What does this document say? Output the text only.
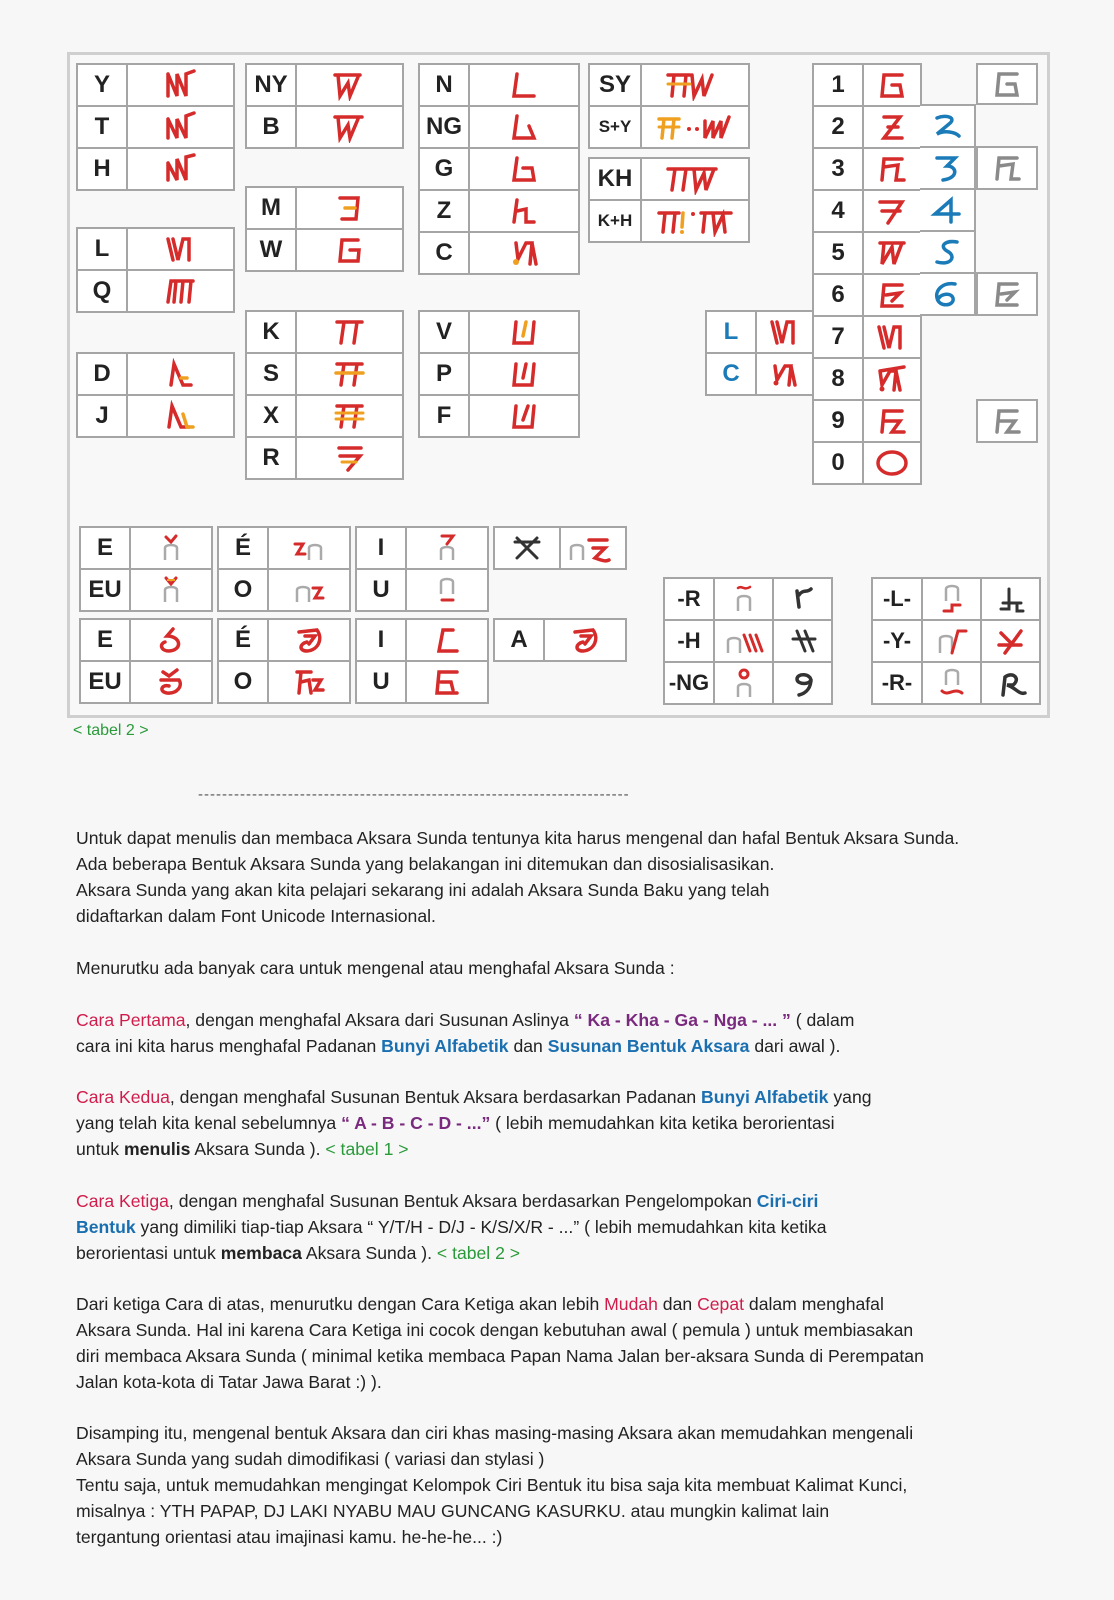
Y
T
H
L
Q
D
J
NY
B
M
W
K
S
X
R
N
NG
G
Z
C
V
P
F
SY
S+Y
KH
K+H
L
C
1
2
3
4
5
6
7
8
9
0
E
EU
É
O
I
U
E
EU
É
O
I
U
A
-R
-H
-NG
-L-
-Y-
-R-
< tabel 2 >
------------------------------------------------------------------------

Untuk dapat menulis dan membaca Aksara Sunda tentunya kita harus mengenal dan hafal Bentuk Aksara Sunda.

Ada beberapa Bentuk Aksara Sunda yang belakangan ini ditemukan dan disosialisasikan.

Aksara Sunda yang akan kita pelajari sekarang ini adalah Aksara Sunda Baku yang telah

didaftarkan dalam Font Unicode Internasional.

Menurutku ada banyak cara untuk mengenal atau menghafal Aksara Sunda :

Cara Pertama, dengan menghafal Aksara dari Susunan Aslinya “ Ka - Kha - Ga - Nga - ... ” ( dalam

cara ini kita harus menghafal Padanan Bunyi Alfabetik dan Susunan Bentuk Aksara dari awal ).

Cara Kedua, dengan menghafal Susunan Bentuk Aksara berdasarkan Padanan Bunyi Alfabetik yang

yang telah kita kenal sebelumnya “ A - B - C - D - ...” ( lebih memudahkan kita ketika berorientasi

untuk menulis Aksara Sunda ). < tabel 1 >

Cara Ketiga, dengan menghafal Susunan Bentuk Aksara berdasarkan Pengelompokan Ciri-ciri

Bentuk yang dimiliki tiap-tiap Aksara “ Y/T/H - D/J - K/S/X/R - ...” ( lebih memudahkan kita ketika

berorientasi untuk membaca Aksara Sunda ). < tabel 2 >

Dari ketiga Cara di atas, menurutku dengan Cara Ketiga akan lebih Mudah dan Cepat dalam menghafal

Aksara Sunda. Hal ini karena Cara Ketiga ini cocok dengan kebutuhan awal ( pemula ) untuk membiasakan

diri membaca Aksara Sunda ( minimal ketika membaca Papan Nama Jalan ber-aksara Sunda di Perempatan

Jalan kota-kota di Tatar Jawa Barat :) ).

Disamping itu, mengenal bentuk Aksara dan ciri khas masing-masing Aksara akan memudahkan mengenali

Aksara Sunda yang sudah dimodifikasi ( variasi dan stylasi )

Tentu saja, untuk memudahkan mengingat Kelompok Ciri Bentuk itu bisa saja kita membuat Kalimat Kunci,

misalnya : YTH PAPAP, DJ LAKI NYABU MAU GUNCANG KASURKU. atau mungkin kalimat lain

tergantung orientasi atau imajinasi kamu. he-he-he... :)
